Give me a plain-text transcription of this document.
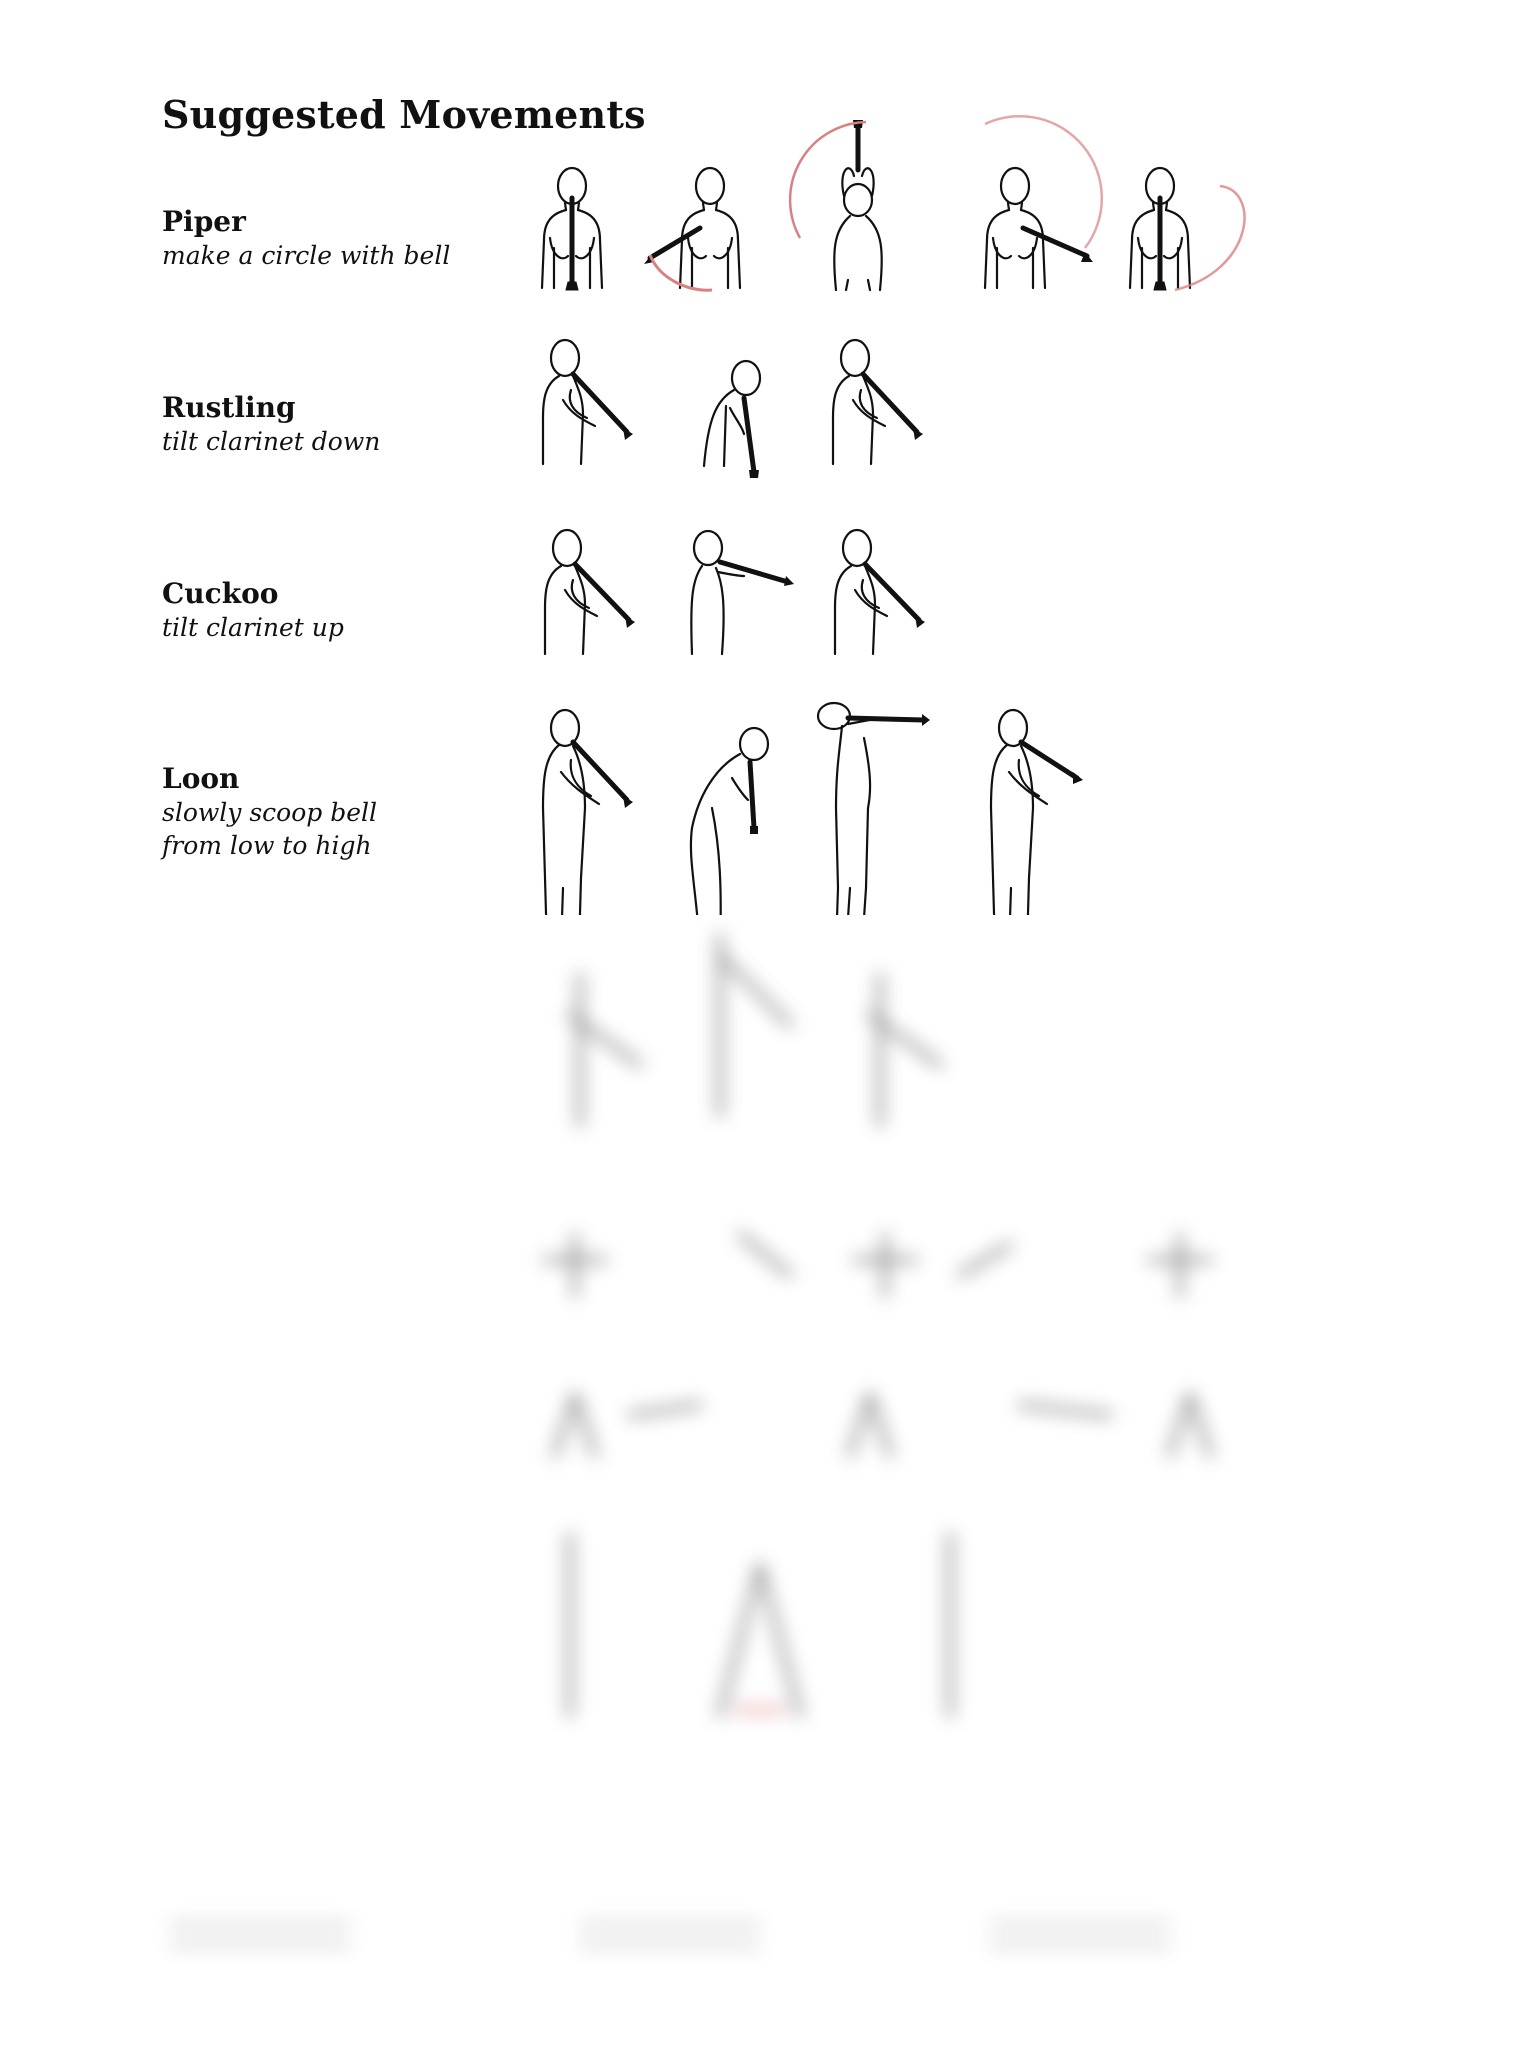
Suggested Movements
Piper
make a circle with bell
Rustling
tilt clarinet down
Cuckoo
tilt clarinet up
Loon
slowly scoop bell
from low to high
